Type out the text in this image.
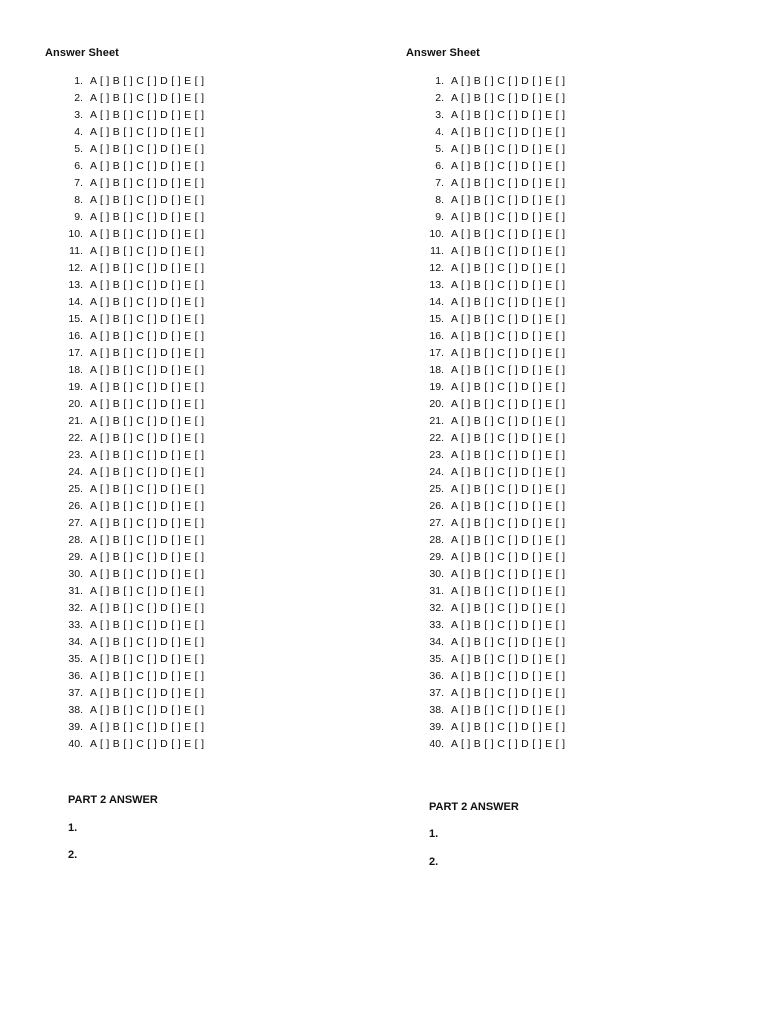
Answer Sheet
1. A [ ] B [ ] C [ ] D [ ] E [ ]
2. A [ ] B [ ] C [ ] D [ ] E [ ]
3. A [ ] B [ ] C [ ] D [ ] E [ ]
4. A [ ] B [ ] C [ ] D [ ] E [ ]
5. A [ ] B [ ] C [ ] D [ ] E [ ]
6. A [ ] B [ ] C [ ] D [ ] E [ ]
7. A [ ] B [ ] C [ ] D [ ] E [ ]
8. A [ ] B [ ] C [ ] D [ ] E [ ]
9. A [ ] B [ ] C [ ] D [ ] E [ ]
10. A [ ] B [ ] C [ ] D [ ] E [ ]
11. A [ ] B [ ] C [ ] D [ ] E [ ]
12. A [ ] B [ ] C [ ] D [ ] E [ ]
13. A [ ] B [ ] C [ ] D [ ] E [ ]
14. A [ ] B [ ] C [ ] D [ ] E [ ]
15. A [ ] B [ ] C [ ] D [ ] E [ ]
16. A [ ] B [ ] C [ ] D [ ] E [ ]
17. A [ ] B [ ] C [ ] D [ ] E [ ]
18. A [ ] B [ ] C [ ] D [ ] E [ ]
19. A [ ] B [ ] C [ ] D [ ] E [ ]
20. A [ ] B [ ] C [ ] D [ ] E [ ]
21. A [ ] B [ ] C [ ] D [ ] E [ ]
22. A [ ] B [ ] C [ ] D [ ] E [ ]
23. A [ ] B [ ] C [ ] D [ ] E [ ]
24. A [ ] B [ ] C [ ] D [ ] E [ ]
25. A [ ] B [ ] C [ ] D [ ] E [ ]
26. A [ ] B [ ] C [ ] D [ ] E [ ]
27. A [ ] B [ ] C [ ] D [ ] E [ ]
28. A [ ] B [ ] C [ ] D [ ] E [ ]
29. A [ ] B [ ] C [ ] D [ ] E [ ]
30. A [ ] B [ ] C [ ] D [ ] E [ ]
31. A [ ] B [ ] C [ ] D [ ] E [ ]
32. A [ ] B [ ] C [ ] D [ ] E [ ]
33. A [ ] B [ ] C [ ] D [ ] E [ ]
34. A [ ] B [ ] C [ ] D [ ] E [ ]
35. A [ ] B [ ] C [ ] D [ ] E [ ]
36. A [ ] B [ ] C [ ] D [ ] E [ ]
37. A [ ] B [ ] C [ ] D [ ] E [ ]
38. A [ ] B [ ] C [ ] D [ ] E [ ]
39. A [ ] B [ ] C [ ] D [ ] E [ ]
40. A [ ] B [ ] C [ ] D [ ] E [ ]
PART 2 ANSWER
1.
2.
Answer Sheet
1. A [ ] B [ ] C [ ] D [ ] E [ ]
2. A [ ] B [ ] C [ ] D [ ] E [ ]
3. A [ ] B [ ] C [ ] D [ ] E [ ]
4. A [ ] B [ ] C [ ] D [ ] E [ ]
5. A [ ] B [ ] C [ ] D [ ] E [ ]
6. A [ ] B [ ] C [ ] D [ ] E [ ]
7. A [ ] B [ ] C [ ] D [ ] E [ ]
8. A [ ] B [ ] C [ ] D [ ] E [ ]
9. A [ ] B [ ] C [ ] D [ ] E [ ]
10. A [ ] B [ ] C [ ] D [ ] E [ ]
11. A [ ] B [ ] C [ ] D [ ] E [ ]
12. A [ ] B [ ] C [ ] D [ ] E [ ]
13. A [ ] B [ ] C [ ] D [ ] E [ ]
14. A [ ] B [ ] C [ ] D [ ] E [ ]
15. A [ ] B [ ] C [ ] D [ ] E [ ]
16. A [ ] B [ ] C [ ] D [ ] E [ ]
17. A [ ] B [ ] C [ ] D [ ] E [ ]
18. A [ ] B [ ] C [ ] D [ ] E [ ]
19. A [ ] B [ ] C [ ] D [ ] E [ ]
20. A [ ] B [ ] C [ ] D [ ] E [ ]
21. A [ ] B [ ] C [ ] D [ ] E [ ]
22. A [ ] B [ ] C [ ] D [ ] E [ ]
23. A [ ] B [ ] C [ ] D [ ] E [ ]
24. A [ ] B [ ] C [ ] D [ ] E [ ]
25. A [ ] B [ ] C [ ] D [ ] E [ ]
26. A [ ] B [ ] C [ ] D [ ] E [ ]
27. A [ ] B [ ] C [ ] D [ ] E [ ]
28. A [ ] B [ ] C [ ] D [ ] E [ ]
29. A [ ] B [ ] C [ ] D [ ] E [ ]
30. A [ ] B [ ] C [ ] D [ ] E [ ]
31. A [ ] B [ ] C [ ] D [ ] E [ ]
32. A [ ] B [ ] C [ ] D [ ] E [ ]
33. A [ ] B [ ] C [ ] D [ ] E [ ]
34. A [ ] B [ ] C [ ] D [ ] E [ ]
35. A [ ] B [ ] C [ ] D [ ] E [ ]
36. A [ ] B [ ] C [ ] D [ ] E [ ]
37. A [ ] B [ ] C [ ] D [ ] E [ ]
38. A [ ] B [ ] C [ ] D [ ] E [ ]
39. A [ ] B [ ] C [ ] D [ ] E [ ]
40. A [ ] B [ ] C [ ] D [ ] E [ ]
PART 2 ANSWER
1.
2.
